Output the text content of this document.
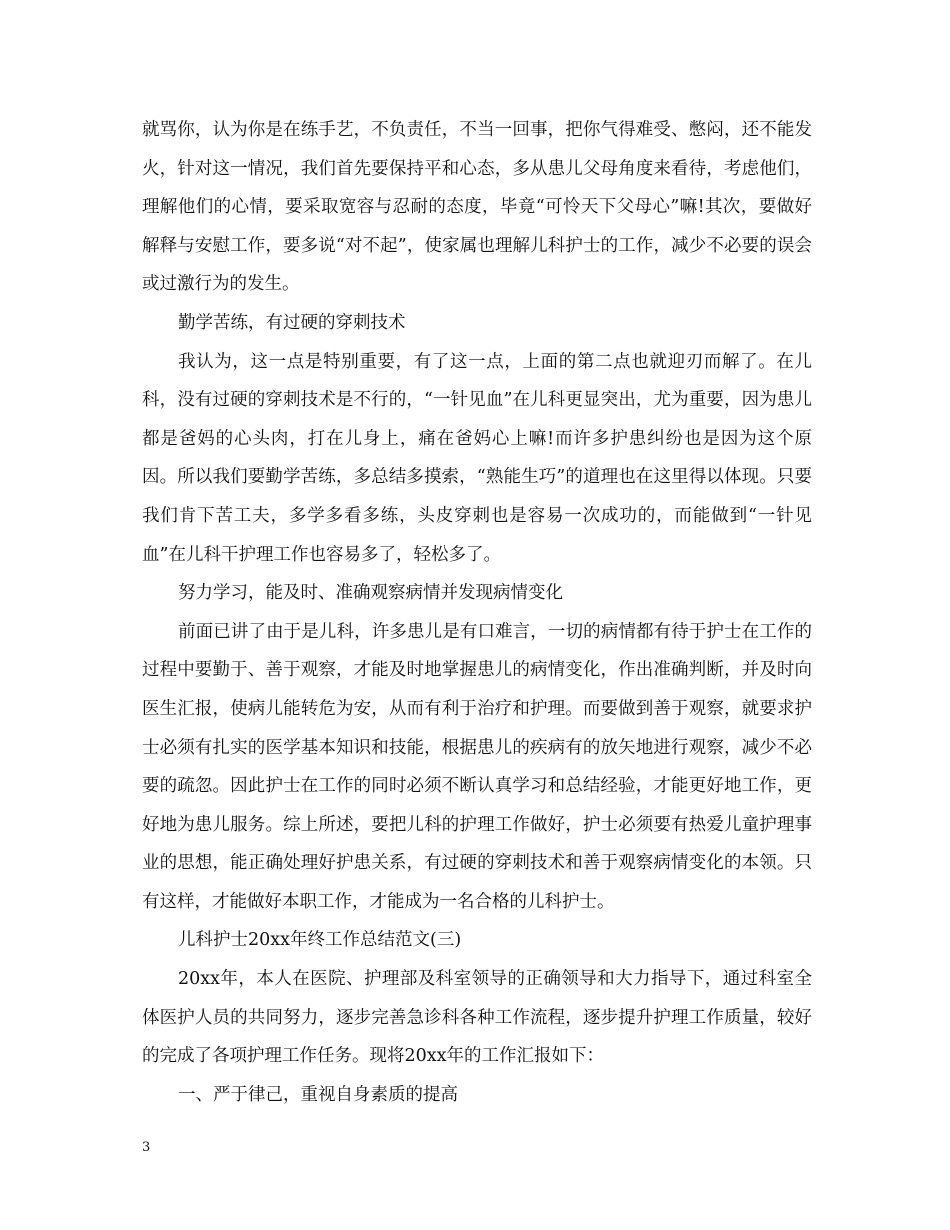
就骂你，认为你是在练手艺，不负责任，不当一回事，把你气得难受、憋闷，还不能发火，针对这一情况，我们首先要保持平和心态，多从患儿父母角度来看待，考虑他们，理解他们的心情，要采取宽容与忍耐的态度，毕竟“可怜天下父母心”嘛!其次，要做好解释与安慰工作，要多说“对不起”，使家属也理解儿科护士的工作，减少不必要的误会或过激行为的发生。

勤学苦练，有过硬的穿刺技术

我认为，这一点是特别重要，有了这一点，上面的第二点也就迎刃而解了。在儿科，没有过硬的穿刺技术是不行的，“一针见血”在儿科更显突出，尤为重要，因为患儿都是爸妈的心头肉，打在儿身上，痛在爸妈心上嘛!而许多护患纠纷也是因为这个原因。所以我们要勤学苦练，多总结多摸索，“熟能生巧”的道理也在这里得以体现。只要我们肯下苦工夫，多学多看多练，头皮穿刺也是容易一次成功的，而能做到“一针见血”在儿科干护理工作也容易多了，轻松多了。

努力学习，能及时、准确观察病情并发现病情变化

前面已讲了由于是儿科，许多患儿是有口难言，一切的病情都有待于护士在工作的过程中要勤于、善于观察，才能及时地掌握患儿的病情变化，作出准确判断，并及时向医生汇报，使病儿能转危为安，从而有利于治疗和护理。而要做到善于观察，就要求护士必须有扎实的医学基本知识和技能，根据患儿的疾病有的放矢地进行观察，减少不必要的疏忽。因此护士在工作的同时必须不断认真学习和总结经验，才能更好地工作，更好地为患儿服务。综上所述，要把儿科的护理工作做好，护士必须要有热爱儿童护理事业的思想，能正确处理好护患关系，有过硬的穿刺技术和善于观察病情变化的本领。只有这样，才能做好本职工作，才能成为一名合格的儿科护士。

儿科护士20xx年终工作总结范文(三)

20xx年，本人在医院、护理部及科室领导的正确领导和大力指导下，通过科室全体医护人员的共同努力，逐步完善急诊科各种工作流程，逐步提升护理工作质量，较好的完成了各项护理工作任务。现将20xx年的工作汇报如下：

一、严于律己，重视自身素质的提高

3
